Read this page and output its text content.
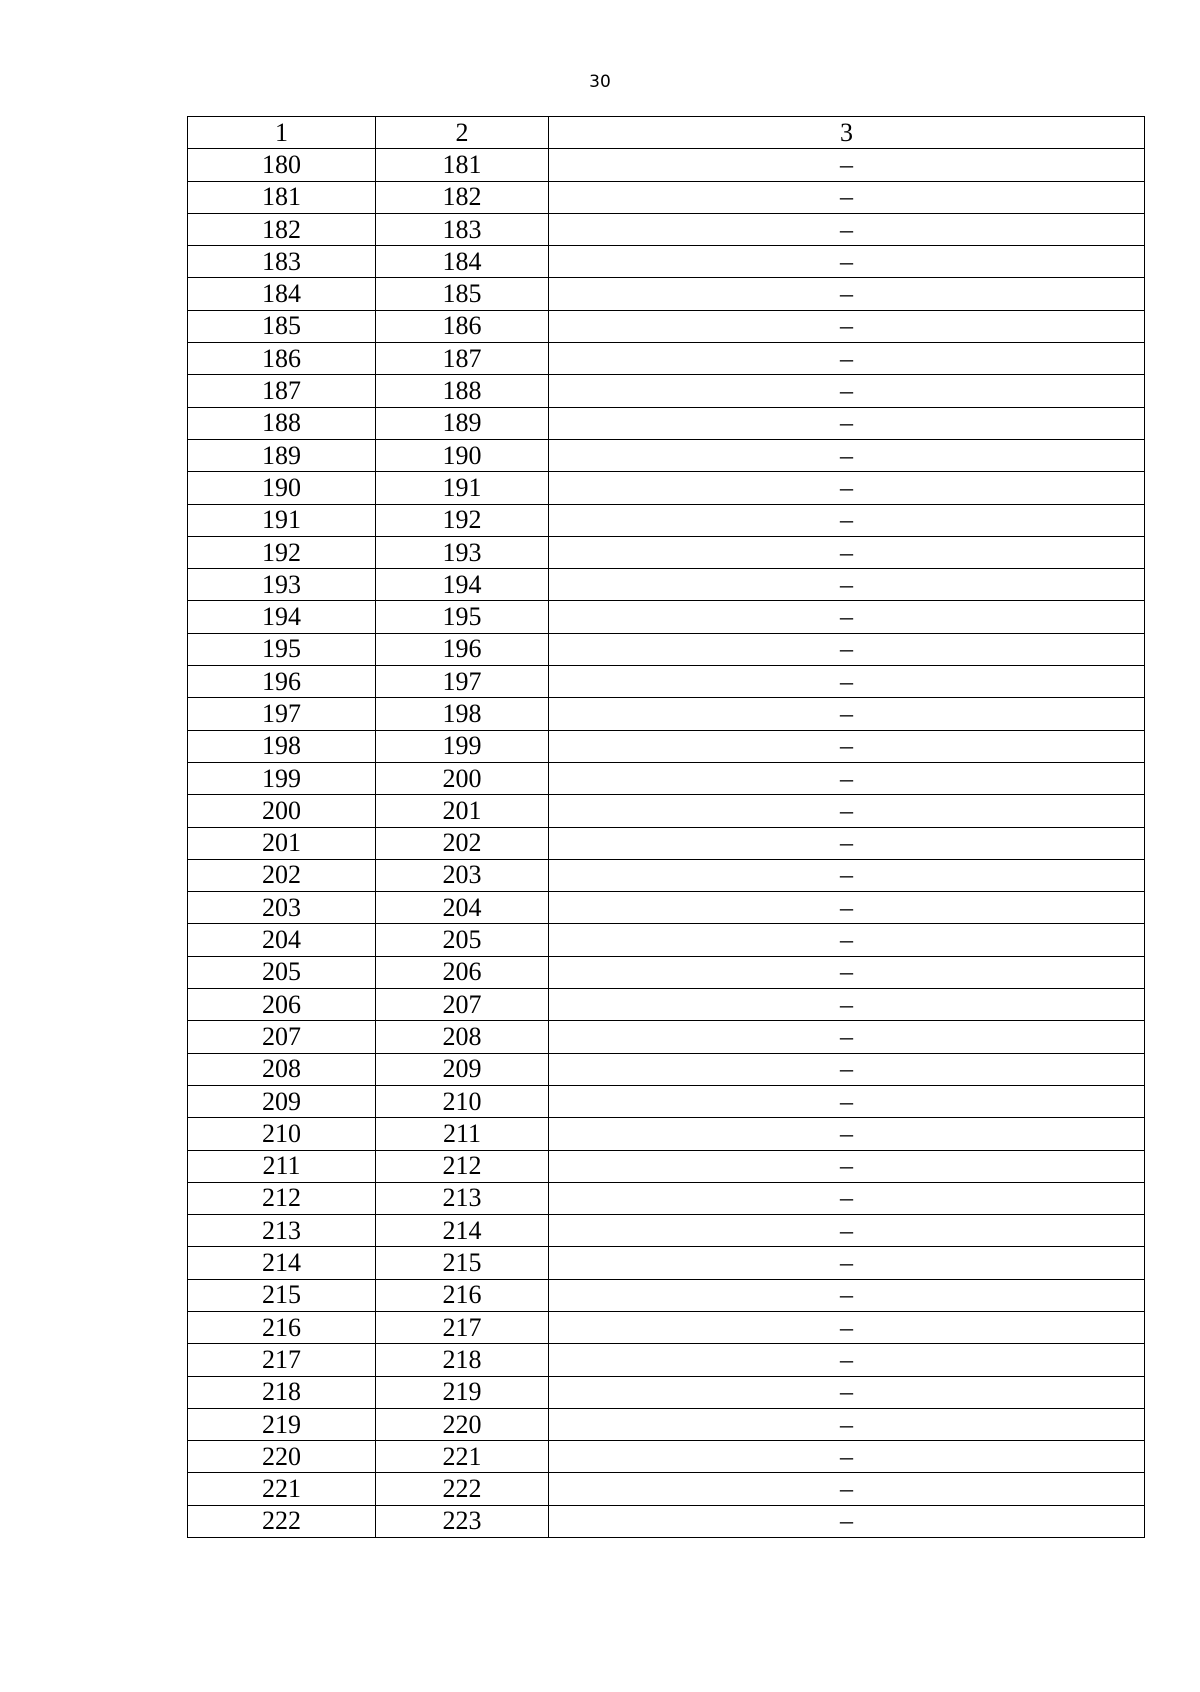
30
1	2	3
180	181	–
181	182	–
182	183	–
183	184	–
184	185	–
185	186	–
186	187	–
187	188	–
188	189	–
189	190	–
190	191	–
191	192	–
192	193	–
193	194	–
194	195	–
195	196	–
196	197	–
197	198	–
198	199	–
199	200	–
200	201	–
201	202	–
202	203	–
203	204	–
204	205	–
205	206	–
206	207	–
207	208	–
208	209	–
209	210	–
210	211	–
211	212	–
212	213	–
213	214	–
214	215	–
215	216	–
216	217	–
217	218	–
218	219	–
219	220	–
220	221	–
221	222	–
222	223	–
